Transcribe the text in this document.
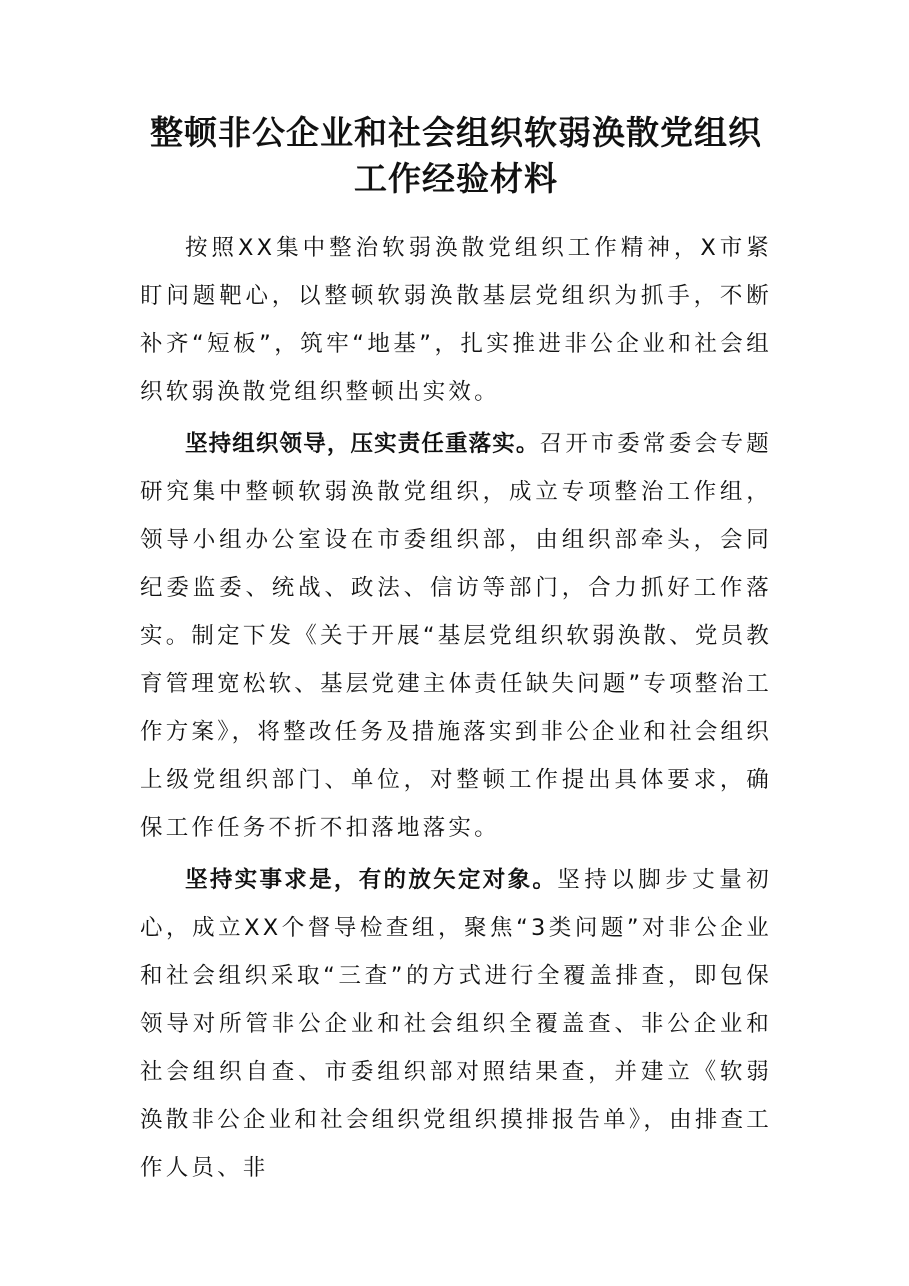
整顿非公企业和社会组织软弱涣散党组织
工作经验材料

按照XX集中整治软弱涣散党组织工作精神，X市紧盯问题靶心，以整顿软弱涣散基层党组织为抓手，不断补齐“短板”，筑牢“地基”，扎实推进非公企业和社会组织软弱涣散党组织整顿出实效。

坚持组织领导，压实责任重落实。召开市委常委会专题研究集中整顿软弱涣散党组织，成立专项整治工作组，领导小组办公室设在市委组织部，由组织部牵头，会同纪委监委、统战、政法、信访等部门，合力抓好工作落实。制定下发《关于开展“基层党组织软弱涣散、党员教育管理宽松软、基层党建主体责任缺失问题”专项整治工作方案》，将整改任务及措施落实到非公企业和社会组织上级党组织部门、单位，对整顿工作提出具体要求，确保工作任务不折不扣落地落实。

坚持实事求是，有的放矢定对象。坚持以脚步丈量初心，成立XX个督导检查组，聚焦“3类问题”对非公企业和社会组织采取“三查”的方式进行全覆盖排查，即包保领导对所管非公企业和社会组织全覆盖查、非公企业和社会组织自查、市委组织部对照结果查，并建立《软弱涣散非公企业和社会组织党组织摸排报告单》，由排查工作人员、非
